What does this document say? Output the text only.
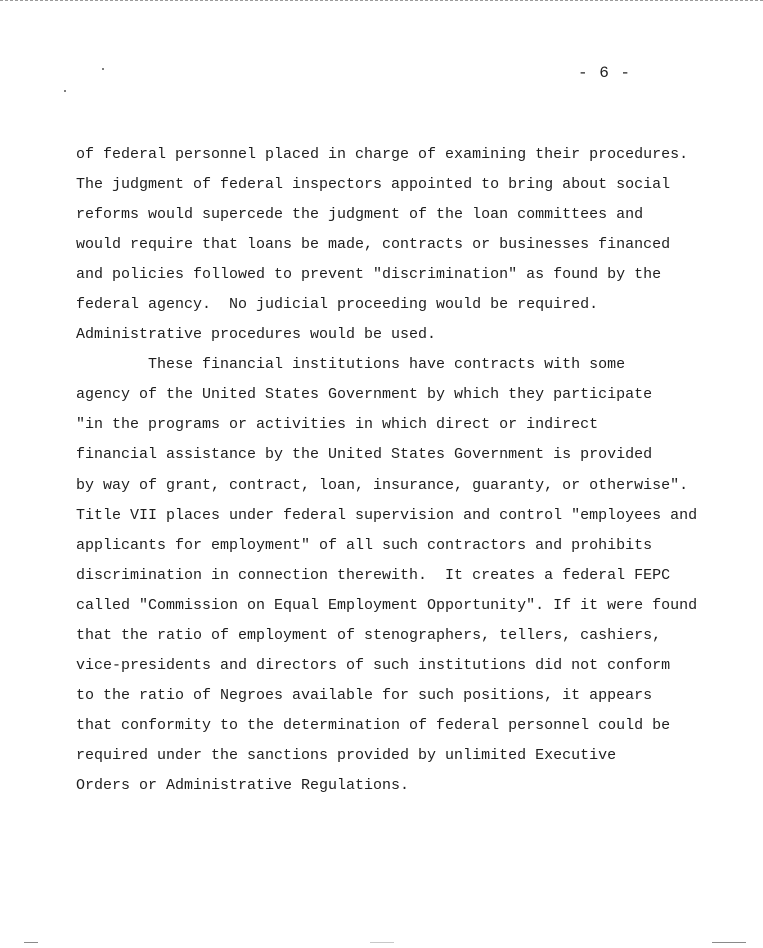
- 6 -
of federal personnel placed in charge of examining their procedures.
The judgment of federal inspectors appointed to bring about social
reforms would supercede the judgment of the loan committees and
would require that loans be made, contracts or businesses financed
and policies followed to prevent "discrimination" as found by the
federal agency.  No judicial proceeding would be required.
Administrative procedures would be used.
These financial institutions have contracts with some
agency of the United States Government by which they participate
"in the programs or activities in which direct or indirect
financial assistance by the United States Government is provided
by way of grant, contract, loan, insurance, guaranty, or otherwise".
Title VII places under federal supervision and control "employees and
applicants for employment" of all such contractors and prohibits
discrimination in connection therewith.  It creates a federal FEPC
called "Commission on Equal Employment Opportunity". If it were found
that the ratio of employment of stenographers, tellers, cashiers,
vice-presidents and directors of such institutions did not conform
to the ratio of Negroes available for such positions, it appears
that conformity to the determination of federal personnel could be
required under the sanctions provided by unlimited Executive
Orders or Administrative Regulations.
